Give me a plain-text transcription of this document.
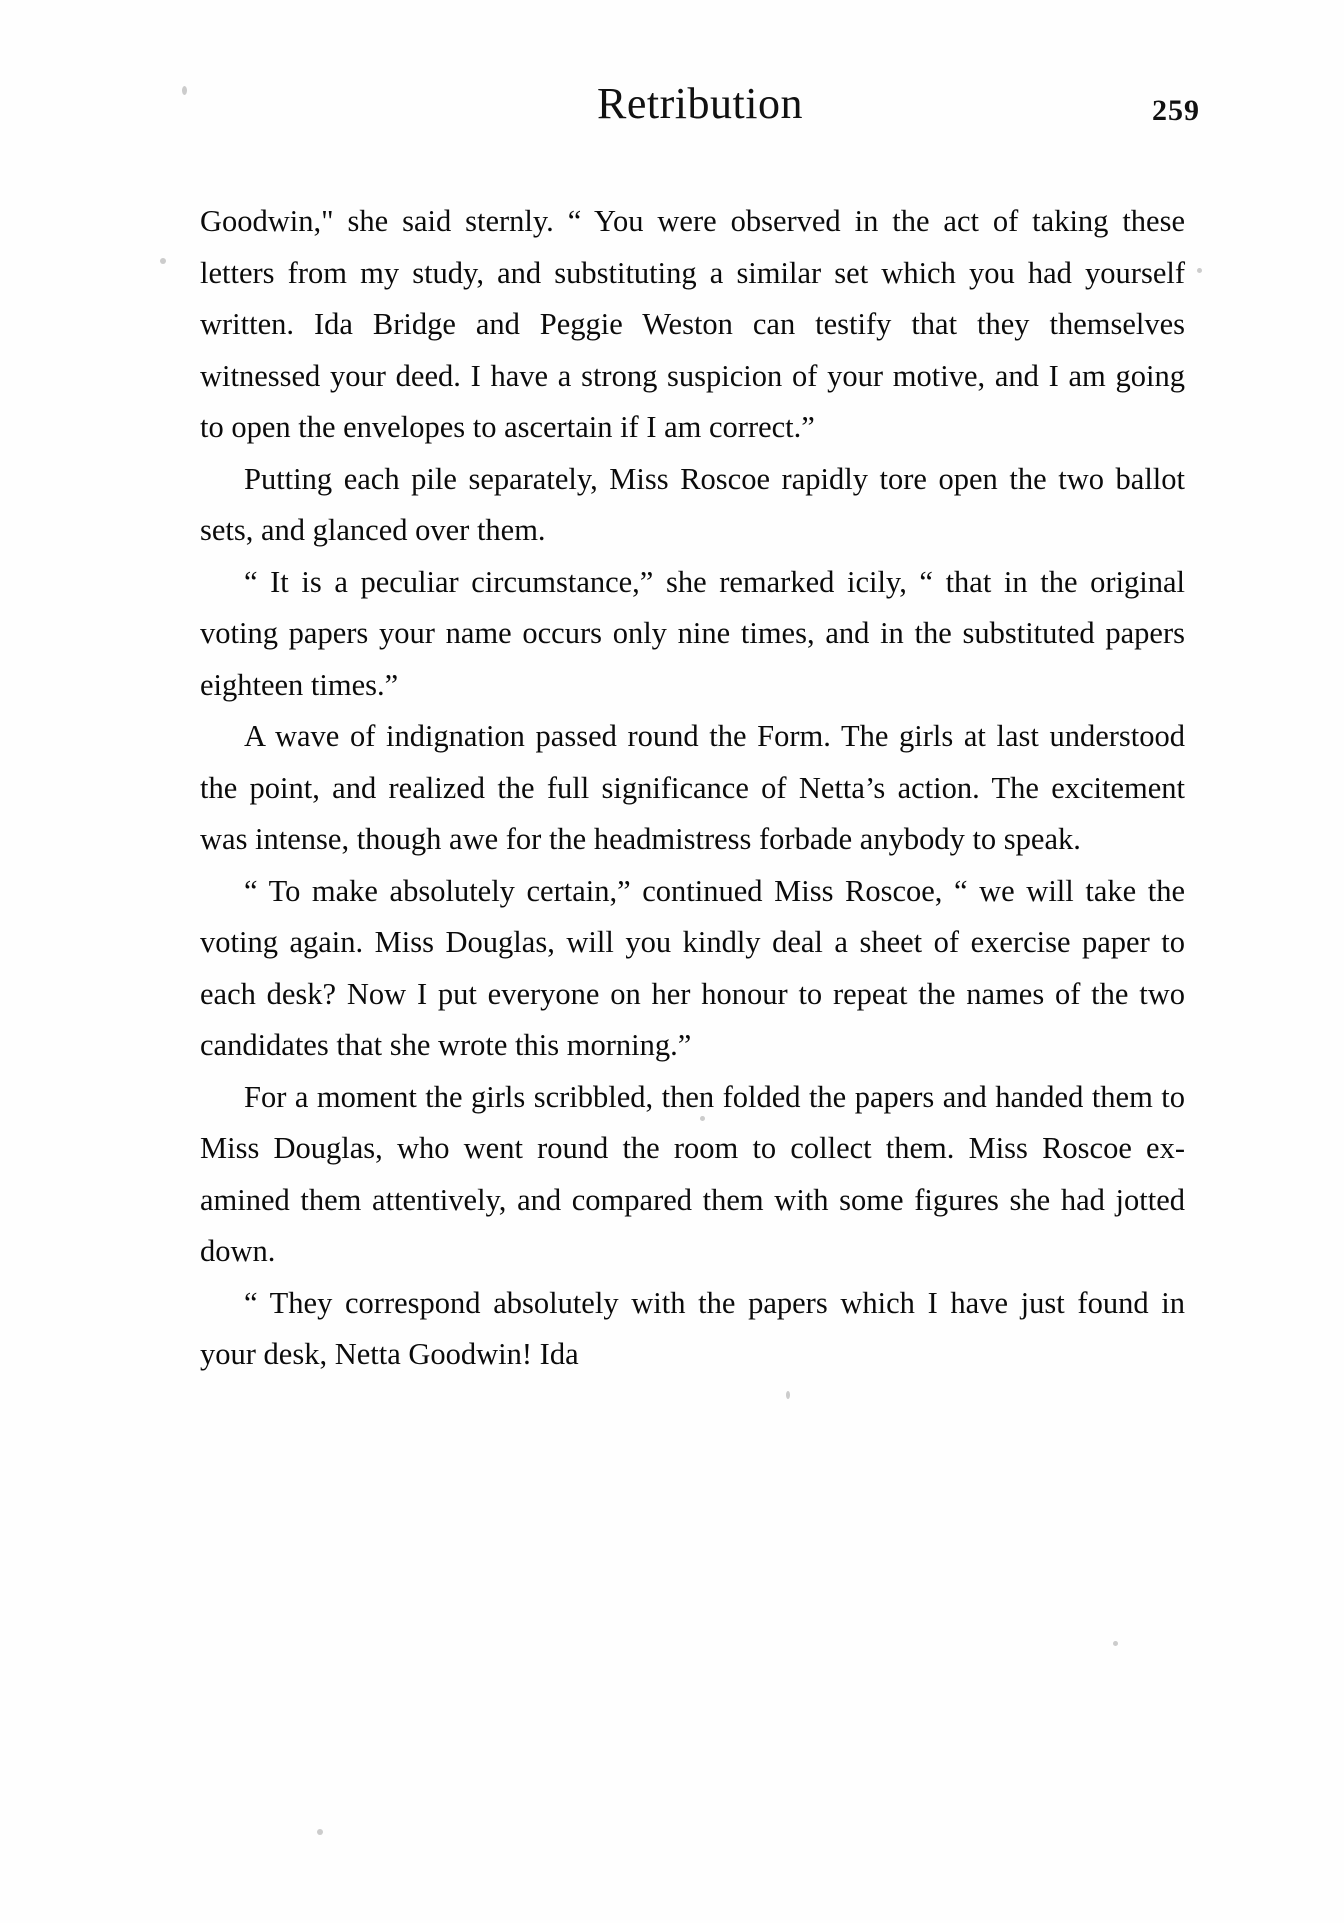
Retribution	259

Goodwin," she said sternly. “ You were observed in the act of taking these letters from my study, and substituting a similar set which you had yourself written. Ida Bridge and Peggie Weston can testify that they themselves witnessed your deed. I have a strong suspicion of your motive, and I am going to open the envelopes to ascertain if I am correct.”

Putting each pile separately, Miss Roscoe rapidly tore open the two ballot sets, and glanced over them.

“ It is a peculiar circumstance,” she remarked icily, “ that in the original voting papers your name occurs only nine times, and in the substituted papers eighteen times.”

A wave of indignation passed round the Form. The girls at last understood the point, and realized the full significance of Netta’s action. The excitement was intense, though awe for the headmistress forbade anybody to speak.

“ To make absolutely certain,” continued Miss Roscoe, “ we will take the voting again. Miss Douglas, will you kindly deal a sheet of exercise paper to each desk? Now I put everyone on her honour to repeat the names of the two candidates that she wrote this morning.”

For a moment the girls scribbled, then folded the papers and handed them to Miss Douglas, who went round the room to collect them. Miss Roscoe ex-amined them attentively, and compared them with some figures she had jotted down.

“ They correspond absolutely with the papers which I have just found in your desk, Netta Goodwin! Ida
